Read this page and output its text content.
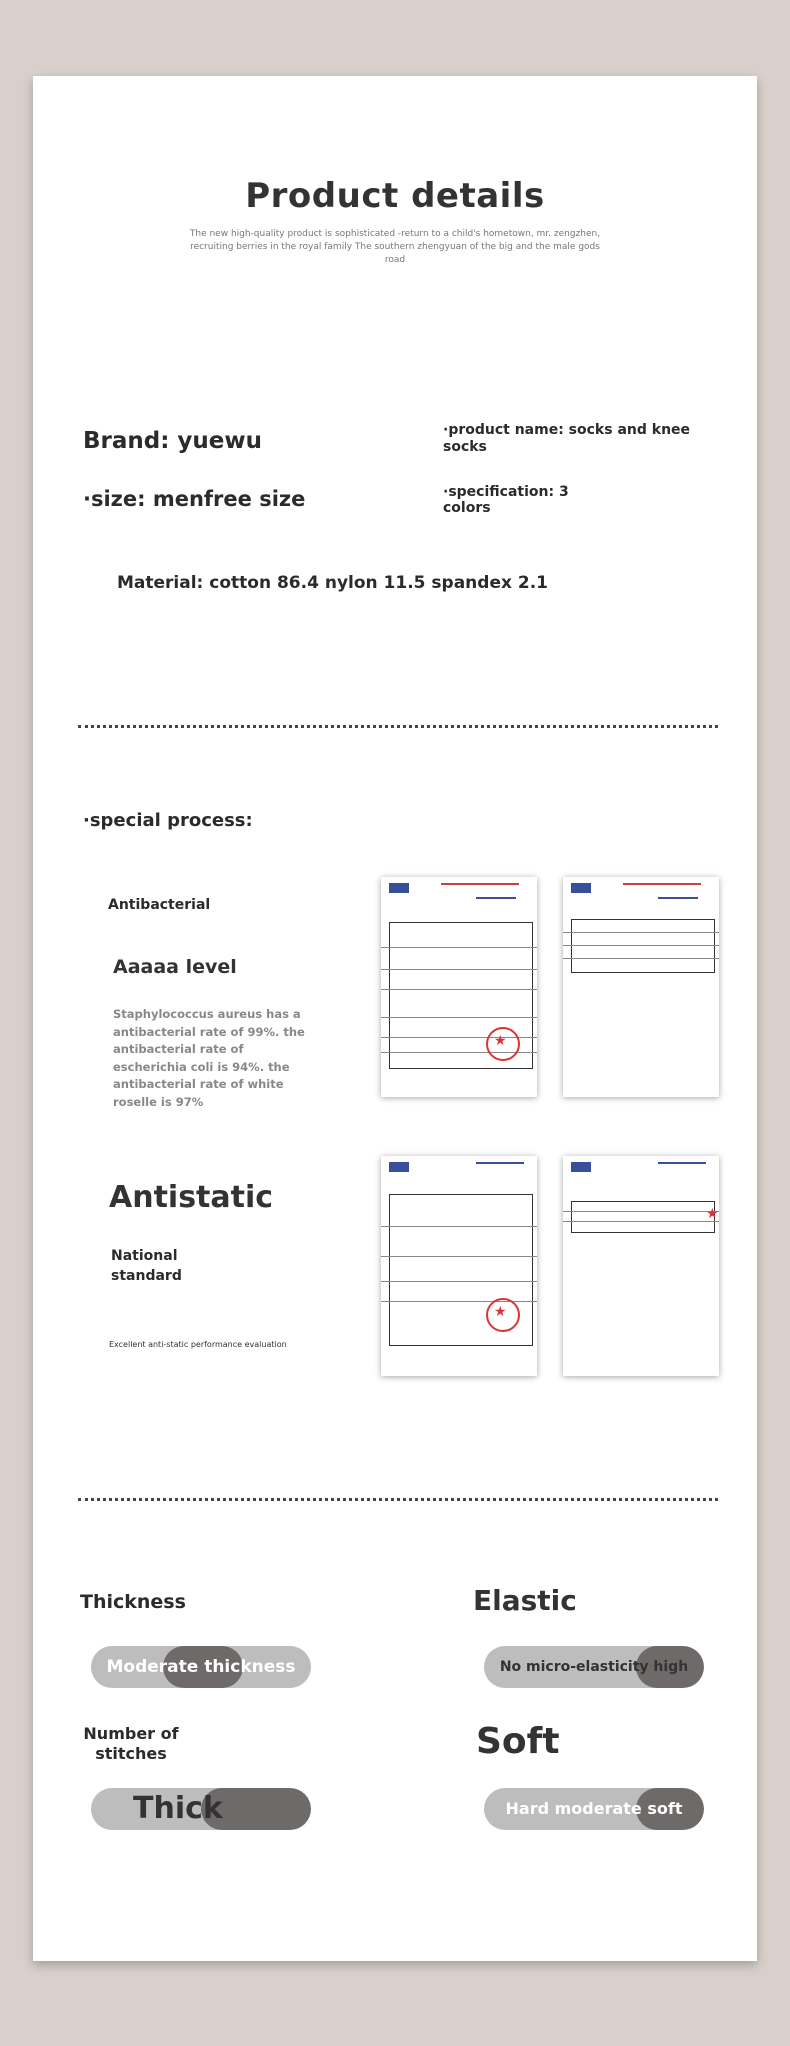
Product details
The new high-quality product is sophisticated -return to a child's hometown, mr. zengzhen, recruiting berries in the royal family The southern zhengyuan of the big and the male gods road
Brand: yuewu	·product name: socks and knee socks
·size: menfree size	·specification: 3 colors
Material: cotton 86.4 nylon 11.5 spandex 2.1
·special process:
Antibacterial
Aaaaa level
Staphylococcus aureus has a antibacterial rate of 99%. the antibacterial rate of escherichia coli is 94%. the antibacterial rate of white roselle is 97%
★
Antistatic
National standard
Excellent anti-static performance evaluation
★
★
Thickness
Moderate thickness
Elastic
No micro-elasticity high
Number of stitches
Thick
Soft
Hard moderate soft
